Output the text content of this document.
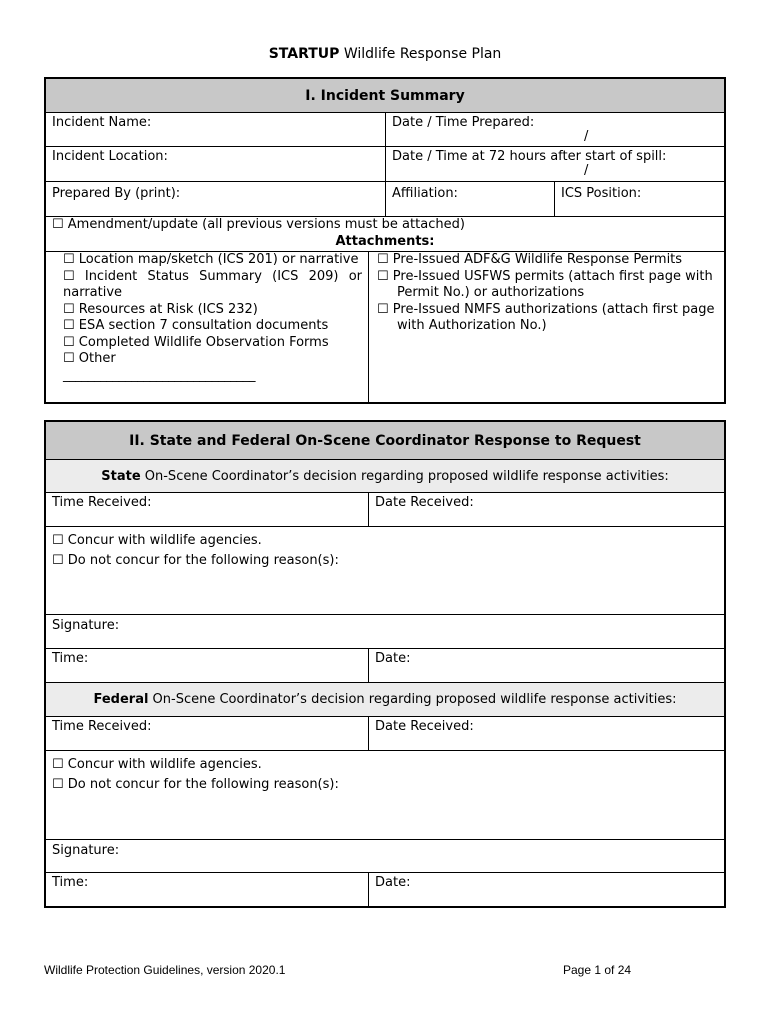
STARTUP Wildlife Response Plan
I. Incident Summary
Incident Name:	Date / Time Prepared:
/
Incident Location:	Date / Time at 72 hours after start of spill:
/
Prepared By (print):	Affiliation:	ICS Position:
☐ Amendment/update (all previous versions must be attached)
Attachments:
☐ Location map/sketch (ICS 201) or narrative
☐ Incident Status Summary (ICS 209) or narrative
☐ Resources at Risk (ICS 232)
☐ ESA section 7 consultation documents
☐ Completed Wildlife Observation Forms
☐ Other
_______________________________
☐ Pre-Issued ADF&G Wildlife Response Permits
☐ Pre-Issued USFWS permits (attach first page with Permit No.) or authorizations
☐ Pre-Issued NMFS authorizations (attach first page with Authorization No.)
II. State and Federal On-Scene Coordinator Response to Request
State On-Scene Coordinator’s decision regarding proposed wildlife response activities:
Time Received:	Date Received:
☐ Concur with wildlife agencies.
☐ Do not concur for the following reason(s):
Signature:
Time:	Date:
Federal On-Scene Coordinator’s decision regarding proposed wildlife response activities:
Time Received:	Date Received:
☐ Concur with wildlife agencies.
☐ Do not concur for the following reason(s):
Signature:
Time:	Date:
Wildlife Protection Guidelines, version 2020.1	Page 1 of 24
